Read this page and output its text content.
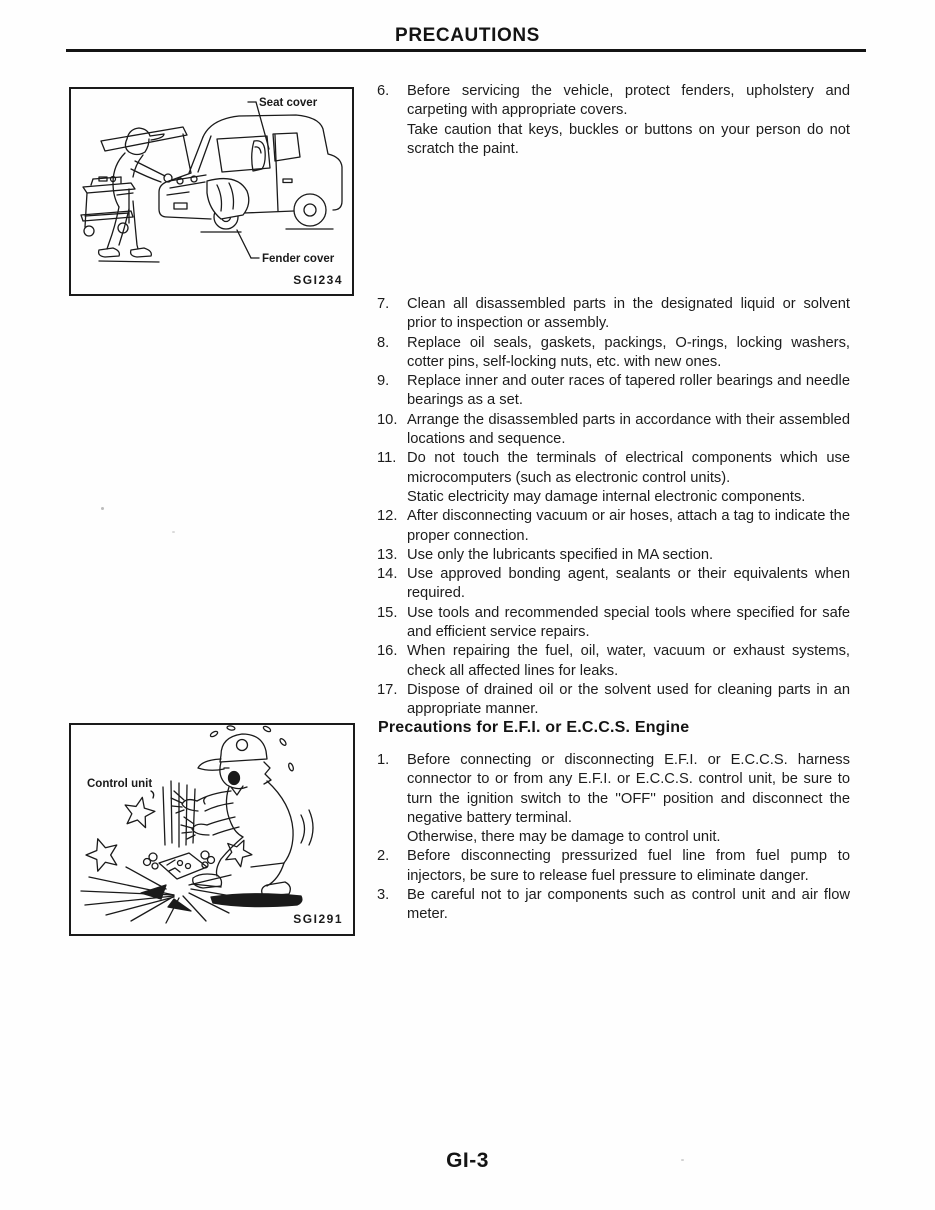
PRECAUTIONS
Seat cover
Fender cover
SGI234
6.	Before servicing the vehicle, protect fenders, upholstery and carpeting with appropriate covers.

Take caution that keys, buckles or buttons on your person do not scratch the paint.

7.	Clean all disassembled parts in the designated liquid or solvent prior to inspection or assembly.

8.	Replace oil seals, gaskets, packings, O-rings, locking washers, cotter pins, self-locking nuts, etc. with new ones.

9.	Replace inner and outer races of tapered roller bearings and needle bearings as a set.

10. Arrange the disassembled parts in accordance with their assembled locations and sequence.

11. Do not touch the terminals of electrical components which use microcomputers (such as electronic control units).

Static electricity may damage internal electronic components.

12. After disconnecting vacuum or air hoses, attach a tag to indicate the proper connection.

13. Use only the lubricants specified in MA section.

14. Use approved bonding agent, sealants or their equivalents when required.

15. Use tools and recommended special tools where specified for safe and efficient service repairs.

16. When repairing the fuel, oil, water, vacuum or exhaust systems, check all affected lines for leaks.

17. Dispose of drained oil or the solvent used for cleaning parts in an appropriate manner.

Control unit
SGI291
Precautions for E.F.I. or E.C.C.S. Engine
1.	Before connecting or disconnecting E.F.I. or E.C.C.S. harness connector to or from any E.F.I. or E.C.C.S. control unit, be sure to turn the ignition switch to the ''OFF'' position and disconnect the negative battery terminal.

Otherwise, there may be damage to control unit.

2.	Before disconnecting pressurized fuel line from fuel pump to injectors, be sure to release fuel pressure to eliminate danger.

3.	Be careful not to jar components such as control unit and air flow meter.

GI-3
